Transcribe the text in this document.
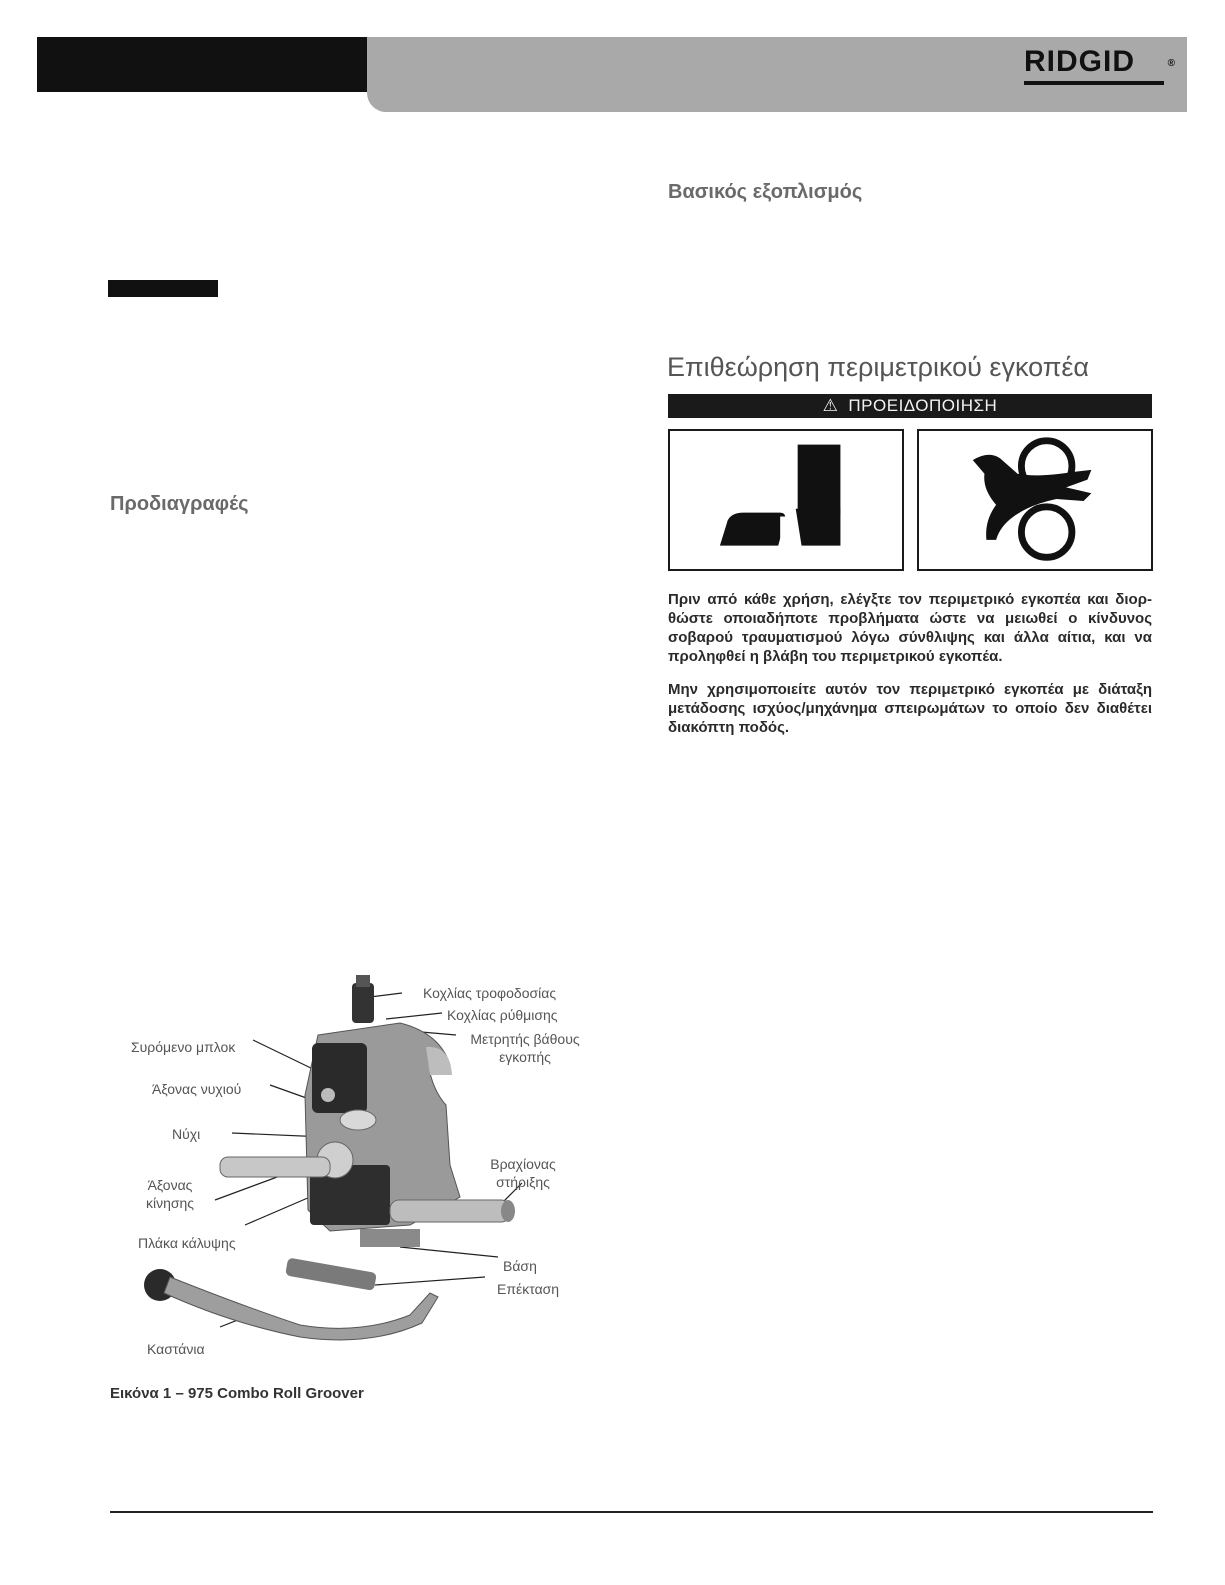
RIDGID	®
Προδιαγραφές
Βασικός εξοπλισμός
Επιθεώρηση περιμετρικού εγκοπέα
⚠ ΠΡΟΕΙΔΟΠΟΙΗΣΗ
Πριν από κάθε χρήση, ελέγξτε τον περιμετρικό εγκοπέα και διορ- θώστε οποιαδήποτε προβλήματα ώστε να μειωθεί ο κίνδυνος σοβαρού τραυματισμού λόγω σύνθλιψης και άλλα αίτια, και να προληφθεί η βλάβη του περιμετρικού εγκοπέα.
Μην χρησιμοποιείτε αυτόν τον περιμετρικό εγκοπέα με διάταξη μετάδοσης ισχύος/μηχάνημα σπειρωμάτων το οποίο δεν διαθέτει διακόπτη ποδός.
Κοχλίας τροφοδοσίας
Κοχλίας ρύθμισης
Μετρητής βάθους
εγκοπής
Συρόμενο μπλοκ
Άξονας νυχιού
Νύχι
Άξονας
κίνησης
Βραχίονας
στήριξης
Πλάκα κάλυψης
Βάση
Επέκταση
Καστάνια
Εικόνα 1 – 975 Combo Roll Groover
